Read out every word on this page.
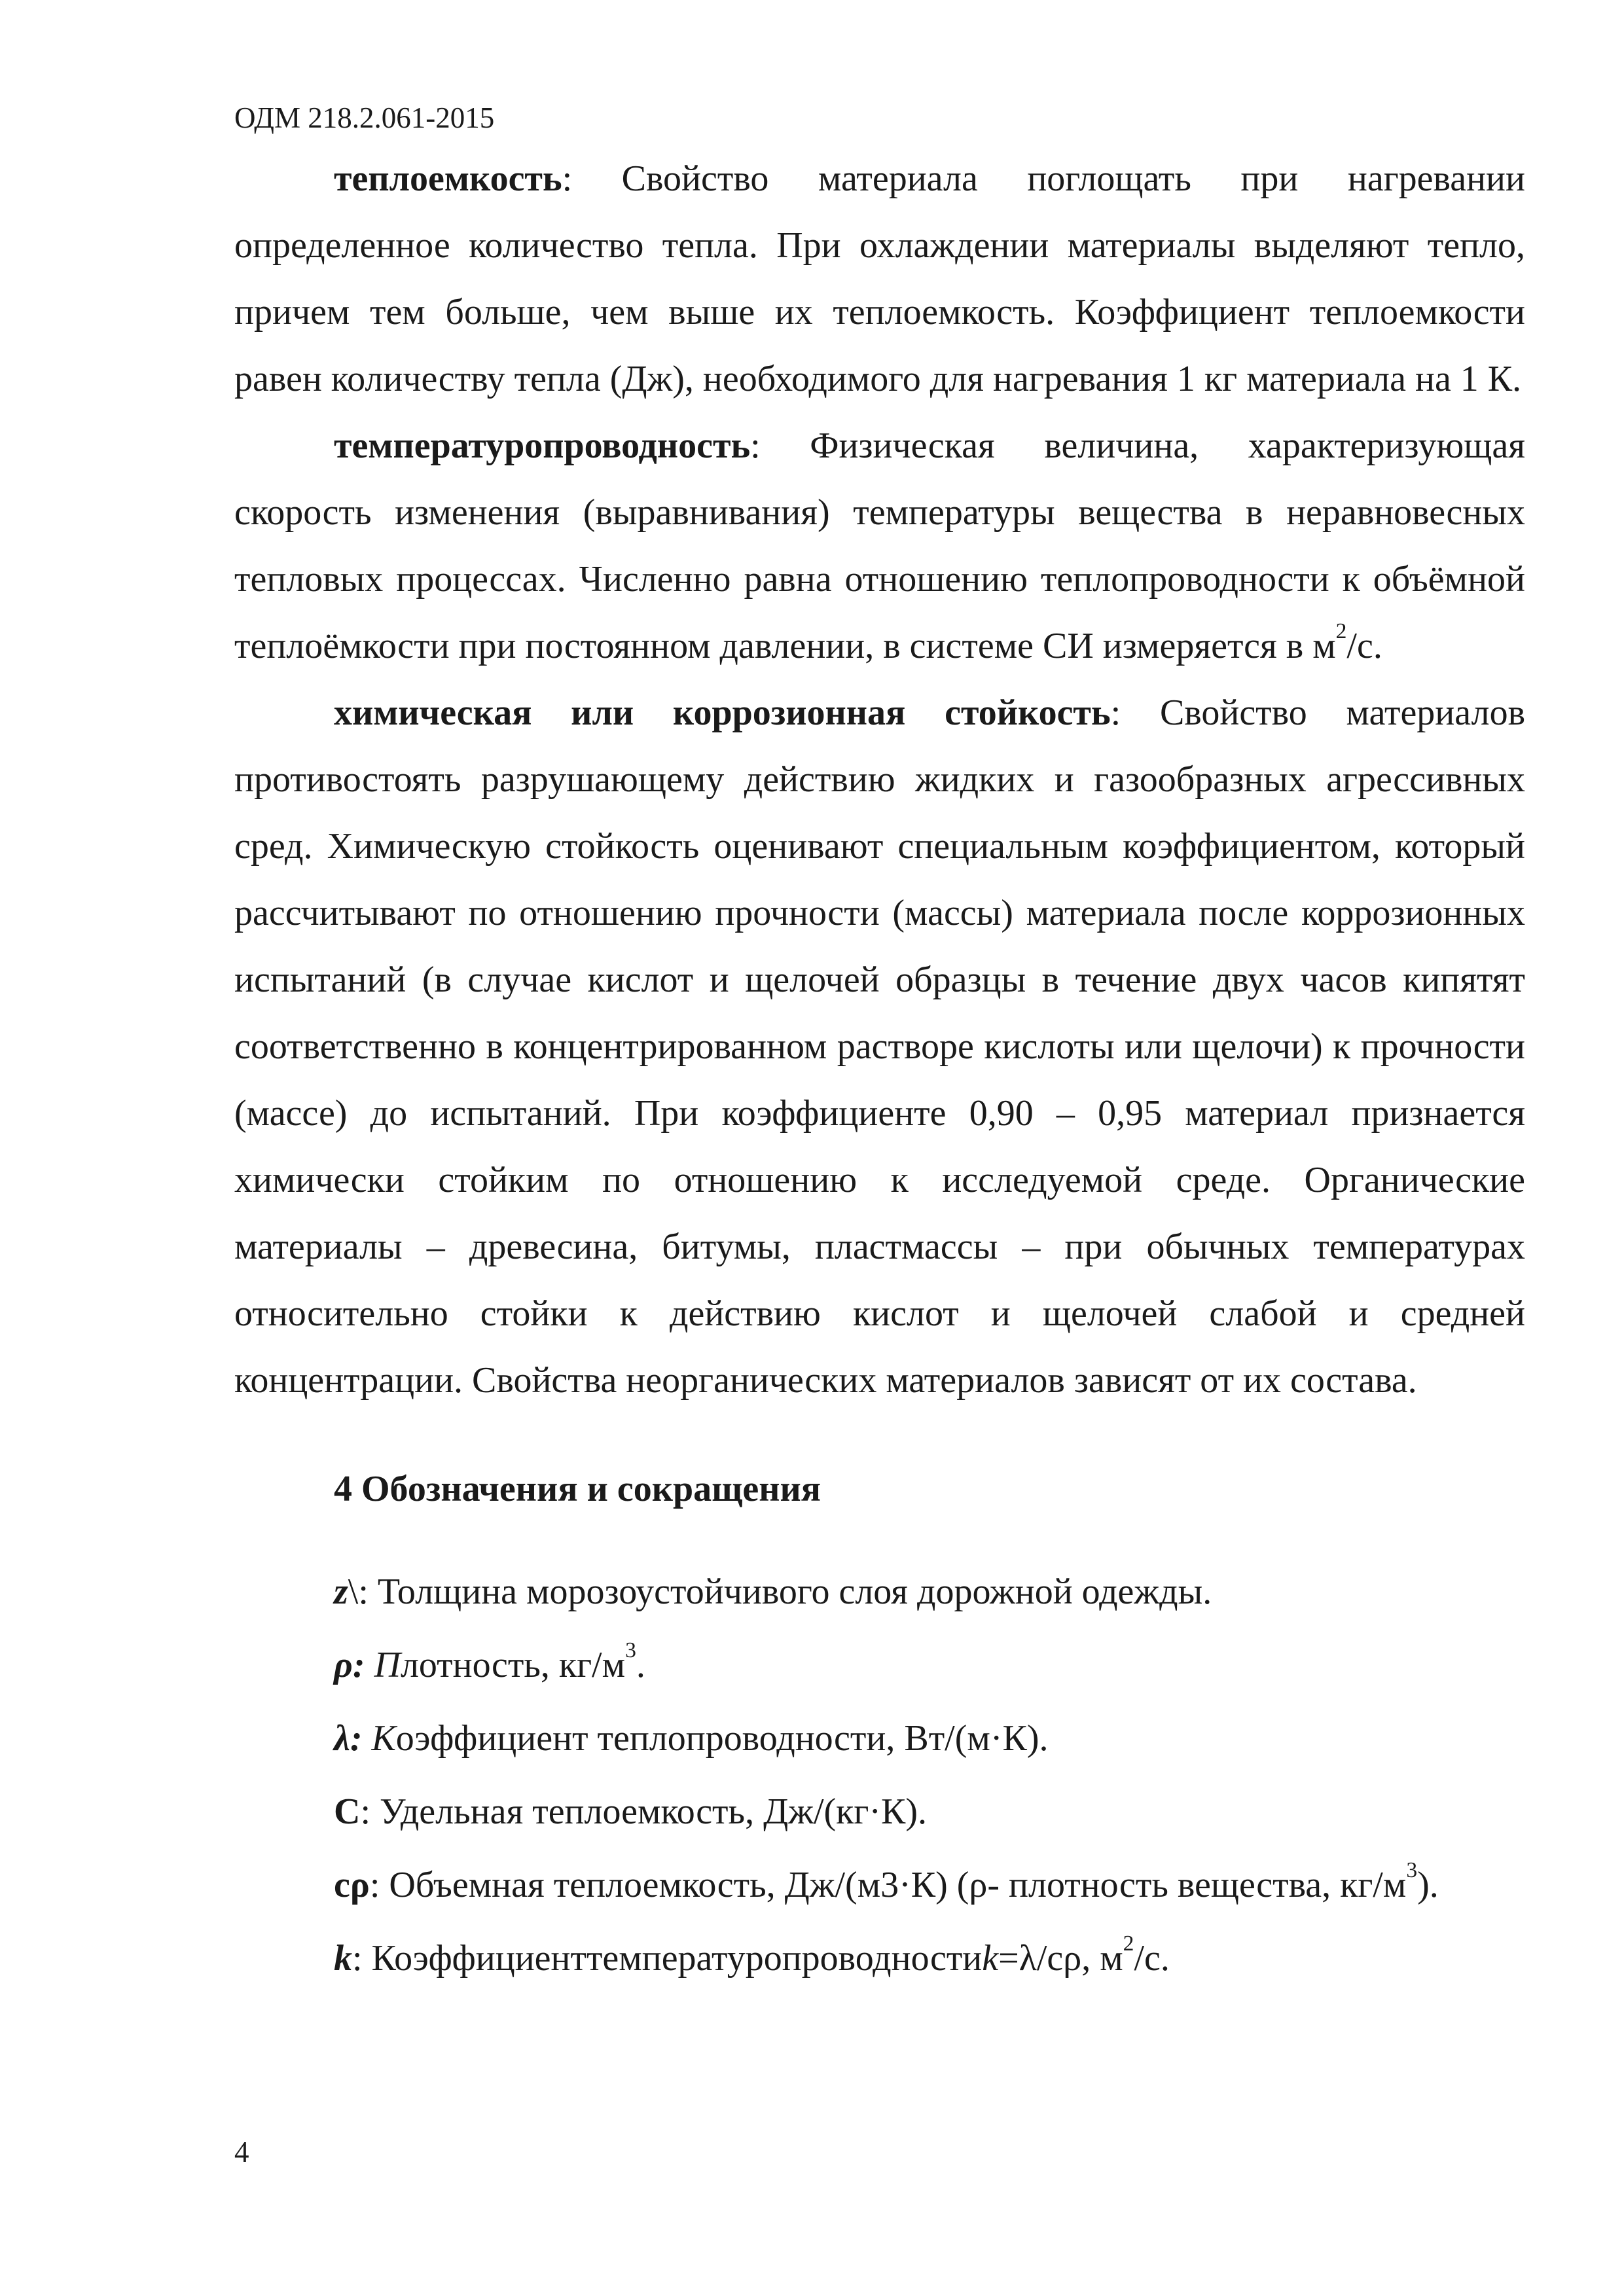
ОДМ 218.2.061-2015

теплоемкость: Свойство материала поглощать при нагревании определенное количество тепла. При охлаждении материалы выделяют тепло, причем тем больше, чем выше их теплоемкость. Коэффициент теплоемкости равен количеству тепла (Дж), необходимого для нагревания 1 кг материала на 1 К.

температуропроводность: Физическая величина, характеризующая скорость изменения (выравнивания) температуры вещества в неравновесных тепловых процессах. Численно равна отношению теплопроводности к объёмной теплоёмкости при постоянном давлении, в системе СИ измеряется в $м^2/с$.

химическая или коррозионная стойкость: Свойство материалов противостоять разрушающему действию жидких и газообразных агрессивных сред. Химическую стойкость оценивают специальным коэффициентом, который рассчитывают по отношению прочности (массы) материала после коррозионных испытаний (в случае кислот и щелочей образцы в течение двух часов кипятят соответственно в концентрированном растворе кислоты или щелочи) к прочности (массе) до испытаний. При коэффициенте 0,90 – 0,95 материал признается химически стойким по отношению к исследуемой среде. Органические материалы – древесина, битумы, пластмассы – при обычных температурах относительно стойки к действию кислот и щелочей слабой и средней концентрации. Свойства неорганических материалов зависят от их состава.

4 Обозначения и сокращения

z\: Толщина морозоустойчивого слоя дорожной одежды.

ρ: Плотность, $кг/м^3$.

λ: Коэффициент теплопроводности, Вт/(м·К).

С: Удельная теплоемкость, Дж/(кг·К).

cρ: Объемная теплоемкость, Дж/(м3·К) (ρ- плотность вещества, $кг/м^3$).

k: Коэффициенттемпературопроводностиk=λ/cρ, $м^2/с$.

4
